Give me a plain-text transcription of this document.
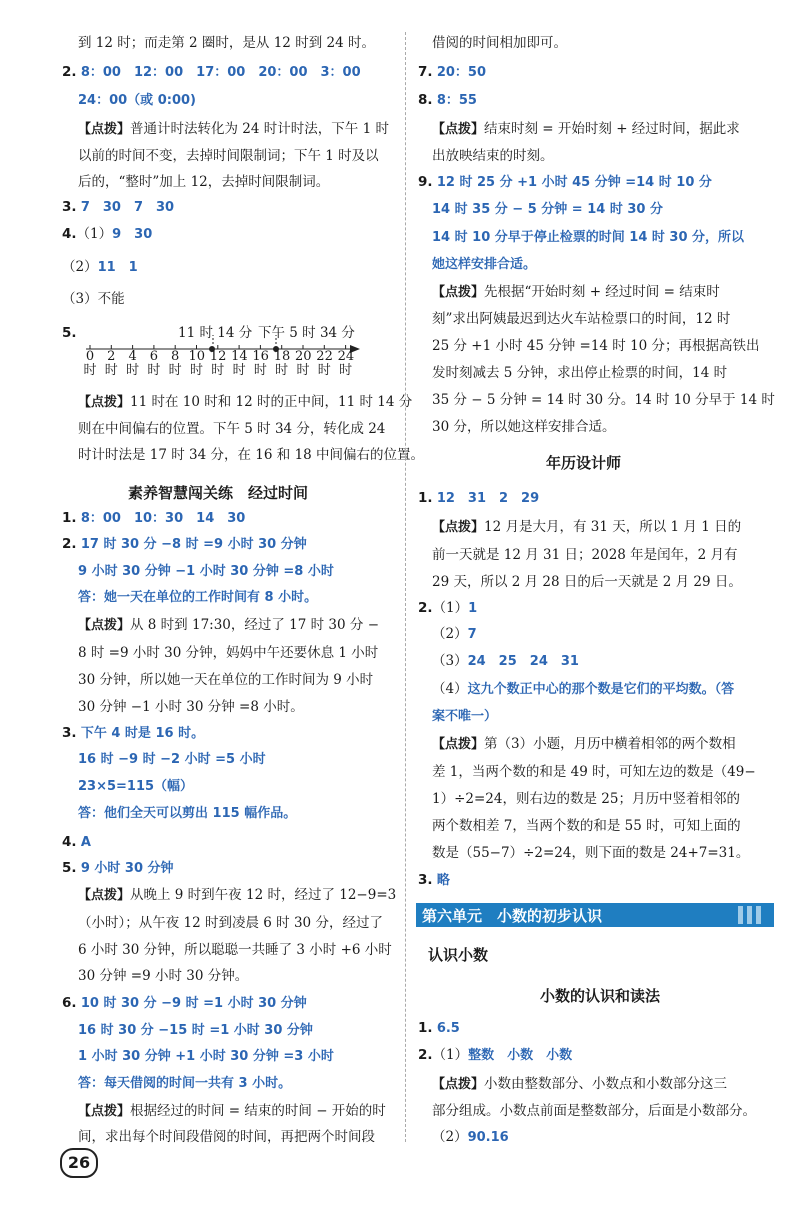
到 12 时；而走第 2 圈时，是从 12 时到 24 时。
2. 8：00　12：00　17：00　20：00　3：00
24：00（或 0:00)
【点拨】普通计时法转化为 24 时计时法，下午 1 时
以前的时间不变，去掉时间限制词；下午 1 时及以
后的，“整时”加上 12，去掉时间限制词。
3. 7　30　7　30
4.（1）9　30
（2）11　1
（3）不能
5.	11 时 14 分 下午 5 时 34 分
0
时
2
时
4
时
6
时
8
时
10
时
12
时
14
时
16
时
18
时
20
时
22
时
24
时
【点拨】11 时在 10 时和 12 时的正中间，11 时 14 分
则在中间偏右的位置。下午 5 时 34 分，转化成 24
时计时法是 17 时 34 分，在 16 和 18 中间偏右的位置。
素养智慧闯关练　经过时间
1. 8：00　10：30　14　30
2. 17 时 30 分 −8 时 =9 小时 30 分钟
9 小时 30 分钟 −1 小时 30 分钟 =8 小时
答：她一天在单位的工作时间有 8 小时。
【点拨】从 8 时到 17:30，经过了 17 时 30 分 −
8 时 =9 小时 30 分钟，妈妈中午还要休息 1 小时
30 分钟，所以她一天在单位的工作时间为 9 小时
30 分钟 −1 小时 30 分钟 =8 小时。
3. 下午 4 时是 16 时。
16 时 −9 时 −2 小时 =5 小时
23×5=115（幅）
答：他们全天可以剪出 115 幅作品。
4. A
5. 9 小时 30 分钟
【点拨】从晚上 9 时到午夜 12 时，经过了 12−9=3
（小时）；从午夜 12 时到凌晨 6 时 30 分，经过了
6 小时 30 分钟，所以聪聪一共睡了 3 小时 +6 小时
30 分钟 =9 小时 30 分钟。
6. 10 时 30 分 −9 时 =1 小时 30 分钟
16 时 30 分 −15 时 =1 小时 30 分钟
1 小时 30 分钟 +1 小时 30 分钟 =3 小时
答：每天借阅的时间一共有 3 小时。
【点拨】根据经过的时间 = 结束的时间 − 开始的时
间，求出每个时间段借阅的时间，再把两个时间段
借阅的时间相加即可。
7. 20：50
8. 8：55
【点拨】结束时刻 = 开始时刻 + 经过时间，据此求
出放映结束的时刻。
9. 12 时 25 分 +1 小时 45 分钟 =14 时 10 分
14 时 35 分 − 5 分钟 = 14 时 30 分
14 时 10 分早于停止检票的时间 14 时 30 分，所以
她这样安排合适。
【点拨】先根据“开始时刻 + 经过时间 = 结束时
刻”求出阿姨最迟到达火车站检票口的时间，12 时
25 分 +1 小时 45 分钟 =14 时 10 分；再根据高铁出
发时刻减去 5 分钟，求出停止检票的时间，14 时
35 分 − 5 分钟 = 14 时 30 分。14 时 10 分早于 14 时
30 分，所以她这样安排合适。
年历设计师
1. 12　31　2　29
【点拨】12 月是大月，有 31 天，所以 1 月 1 日的
前一天就是 12 月 31 日；2028 年是闰年，2 月有
29 天，所以 2 月 28 日的后一天就是 2 月 29 日。
2.（1）1
（2）7
（3）24　25　24　31
（4）这九个数正中心的那个数是它们的平均数。（答
案不唯一）
【点拨】第（3）小题，月历中横着相邻的两个数相
差 1，当两个数的和是 49 时，可知左边的数是（49−
1）÷2=24，则右边的数是 25；月历中竖着相邻的
两个数相差 7，当两个数的和是 55 时，可知上面的
数是（55−7）÷2=24，则下面的数是 24+7=31。
3. 略
第六单元　小数的初步认识
认识小数
小数的认识和读法
1. 6.5
2.（1）整数　小数　小数
【点拨】小数由整数部分、小数点和小数部分这三
部分组成。小数点前面是整数部分，后面是小数部分。
（2）90.16
26
